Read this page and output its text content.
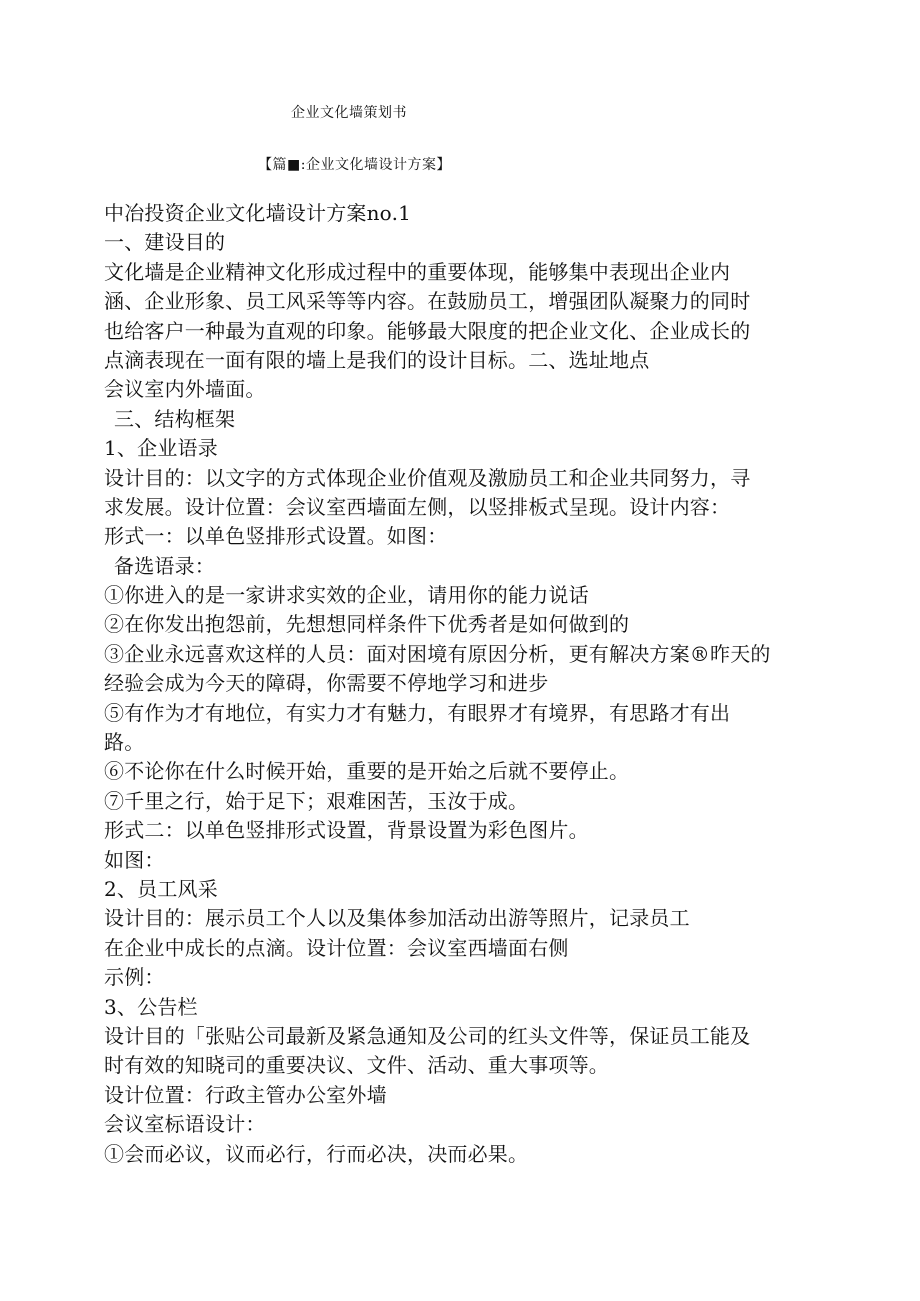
企业文化墙策划书
【篇■:企业文化墙设计方案】
中冶投资企业文化墙设计方案no.1
一、建设目的
文化墙是企业精神文化形成过程中的重要体现，能够集中表现出企业内
涵、企业形象、员工风采等等内容。在鼓励员工，增强团队凝聚力的同时
也给客户一种最为直观的印象。能够最大限度的把企业文化、企业成长的
点滴表现在一面有限的墙上是我们的设计目标。二、选址地点
会议室内外墙面。
三、结构框架
1、企业语录
设计目的：以文字的方式体现企业价值观及激励员工和企业共同努力，寻
求发展。设计位置：会议室西墙面左侧，以竖排板式呈现。设计内容：
形式一：以单色竖排形式设置。如图：
备选语录：
①你进入的是一家讲求实效的企业，请用你的能力说话
②在你发出抱怨前，先想想同样条件下优秀者是如何做到的
③企业永远喜欢这样的人员：面对困境有原因分析，更有解决方案®昨天的
经验会成为今天的障碍，你需要不停地学习和进步
⑤有作为才有地位，有实力才有魅力，有眼界才有境界，有思路才有出
路。
⑥不论你在什么时候开始，重要的是开始之后就不要停止。
⑦千里之行，始于足下；艰难困苦，玉汝于成。
形式二：以单色竖排形式设置，背景设置为彩色图片。
如图：
2、员工风采
设计目的：展示员工个人以及集体参加活动出游等照片，记录员工
在企业中成长的点滴。设计位置：会议室西墙面右侧
示例：
3、公告栏
设计目的「张贴公司最新及紧急通知及公司的红头文件等，保证员工能及
时有效的知晓司的重要决议、文件、活动、重大事项等。
设计位置：行政主管办公室外墙
会议室标语设计：
①会而必议，议而必行，行而必决，决而必果。
